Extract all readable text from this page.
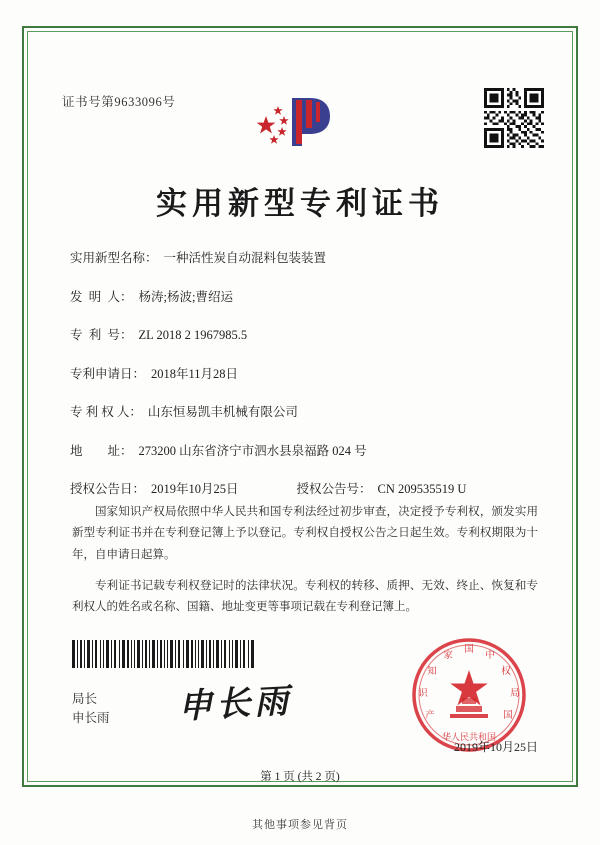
证书号第9633096号
实用新型专利证书
实用新型名称： 一种活性炭自动混料包装装置
发  明  人： 杨涛;杨波;曹绍运
专  利  号： ZL 2018 2 1967985.5
专利申请日： 2018年11月28日
专 利 权 人： 山东恒易凯丰机械有限公司
地        址： 273200 山东省济宁市泗水县泉福路 024 号
授权公告日： 2019年10月25日	授权公告号： CN 209535519 U

国家知识产权局依照中华人民共和国专利法经过初步审查，决定授予专利权，颁发实用新型专利证书并在专利登记簿上予以登记。专利权自授权公告之日起生效。专利权期限为十年，自申请日起算。

专利证书记载专利权登记时的法律状况。专利权的转移、质押、无效、终止、恢复和专利权人的姓名或名称、国籍、地址变更等事项记载在专利登记簿上。

局长
申长雨 申长雨
国
家
知
识
产
权
局
国
中
华人民共和国
2019年10月25日
第 1 页 (共 2 页)
其他事项参见背页
